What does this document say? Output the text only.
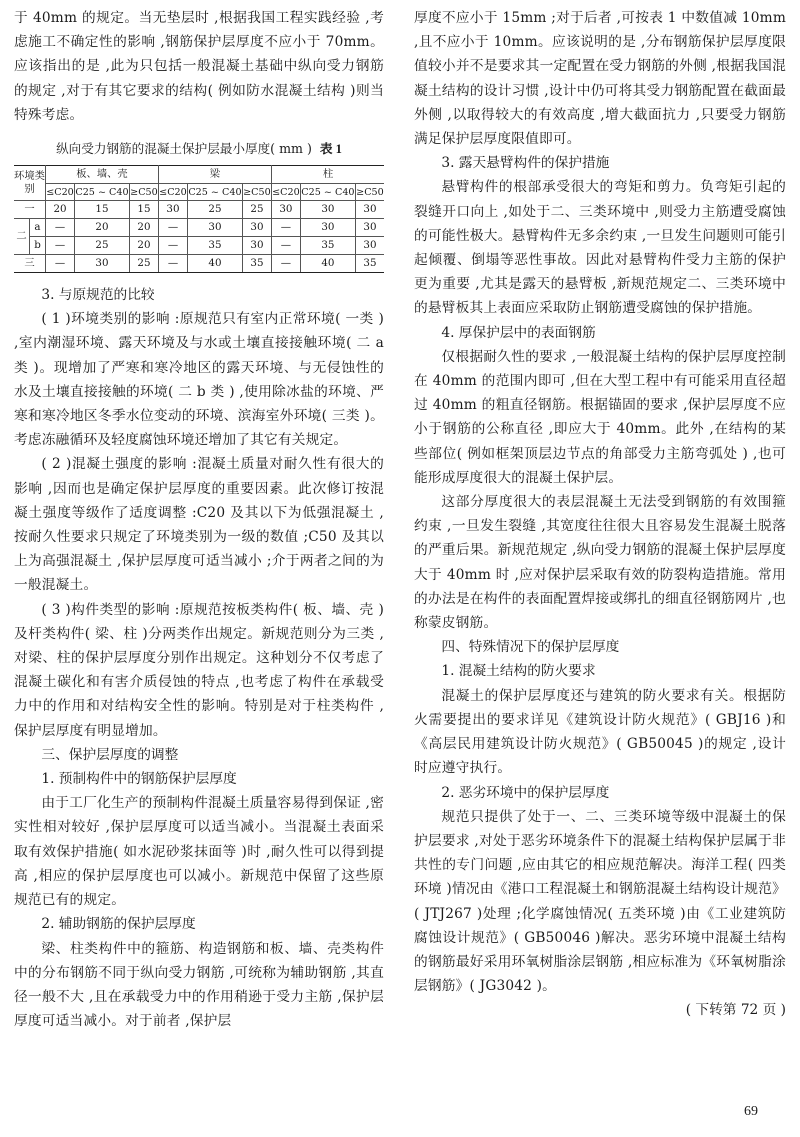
于 40mm 的规定。当无垫层时 ,根据我国工程实践经验 ,考虑施工不确定性的影响 ,钢筋保护层厚度不应小于 70mm。应该指出的是 ,此为只包括一般混凝土基础中纵向受力钢筋的规定 ,对于有其它要求的结构( 例如防水混凝土结构 )则当特殊考虑。

纵向受力钢筋的混凝土保护层最小厚度( mm ) 表 1
环境类别		板、墙、壳			梁			柱		
		≤C20	C25 ~ C40	≥C50	≤C20	C25 ~ C40	≥C50	≤C20	C25 ~ C40	≥C50
一		20	15	15	30	25	25	30	30	30
二	a	—	20	20	—	30	30	—	30	30
	b	—	25	20	—	35	30	—	35	30
三		—	30	25	—	40	35	—	40	35
3. 与原规范的比较

( 1 )环境类别的影响 :原规范只有室内正常环境( 一类 ) ,室内潮湿环境、露天环境及与水或土壤直接接触环境( 二 a 类 )。现增加了严寒和寒冷地区的露天环境、与无侵蚀性的水及土壤直接接触的环境( 二 b 类 ) ,使用除冰盐的环境、严寒和寒冷地区冬季水位变动的环境、滨海室外环境( 三类 )。考虑冻融循环及轻度腐蚀环境还增加了其它有关规定。

( 2 )混凝土强度的影响 :混凝土质量对耐久性有很大的影响 ,因而也是确定保护层厚度的重要因素。此次修订按混凝土强度等级作了适度调整 :C20 及其以下为低强混凝土 ,按耐久性要求只规定了环境类别为一级的数值 ;C50 及其以上为高强混凝土 ,保护层厚度可适当减小 ;介于两者之间的为一般混凝土。

( 3 )构件类型的影响 :原规范按板类构件( 板、墙、壳 )及杆类构件( 梁、柱 )分两类作出规定。新规范则分为三类 ,对梁、柱的保护层厚度分别作出规定。这种划分不仅考虑了混凝土碳化和有害介质侵蚀的特点 ,也考虑了构件在承载受力中的作用和对结构安全性的影响。特别是对于柱类构件 ,保护层厚度有明显增加。

三、保护层厚度的调整
1. 预制构件中的钢筋保护层厚度

由于工厂化生产的预制构件混凝土质量容易得到保证 ,密实性相对较好 ,保护层厚度可以适当减小。当混凝土表面采取有效保护措施( 如水泥砂浆抹面等 )时 ,耐久性可以得到提高 ,相应的保护层厚度也可以减小。新规范中保留了这些原规范已有的规定。

2. 辅助钢筋的保护层厚度

梁、柱类构件中的箍筋、构造钢筋和板、墙、壳类构件中的分布钢筋不同于纵向受力钢筋 ,可统称为辅助钢筋 ,其直径一般不大 ,且在承载受力中的作用稍逊于受力主筋 ,保护层厚度可适当减小。对于前者 ,保护层

厚度不应小于 15mm ;对于后者 ,可按表 1 中数值减 10mm ,且不应小于 10mm。应该说明的是 ,分布钢筋保护层厚度限值较小并不是要求其一定配置在受力钢筋的外侧 ,根据我国混凝土结构的设计习惯 ,设计中仍可将其受力钢筋配置在截面最外侧 ,以取得较大的有效高度 ,增大截面抗力 ,只要受力钢筋满足保护层厚度限值即可。

3. 露天悬臂构件的保护措施

悬臂构件的根部承受很大的弯矩和剪力。负弯矩引起的裂缝开口向上 ,如处于二、三类环境中 ,则受力主筋遭受腐蚀的可能性极大。悬臂构件无多余约束 ,一旦发生问题则可能引起倾覆、倒塌等恶性事故。因此对悬臂构件受力主筋的保护更为重要 ,尤其是露天的悬臂板 ,新规范规定二、三类环境中的悬臂板其上表面应采取防止钢筋遭受腐蚀的保护措施。

4. 厚保护层中的表面钢筋

仅根据耐久性的要求 ,一般混凝土结构的保护层厚度控制在 40mm 的范围内即可 ,但在大型工程中有可能采用直径超过 40mm 的粗直径钢筋。根据锚固的要求 ,保护层厚度不应小于钢筋的公称直径 ,即应大于 40mm。此外 ,在结构的某些部位( 例如框架顶层边节点的角部受力主筋弯弧处 ) ,也可能形成厚度很大的混凝土保护层。

这部分厚度很大的表层混凝土无法受到钢筋的有效围箍约束 ,一旦发生裂缝 ,其宽度往往很大且容易发生混凝土脱落的严重后果。新规范规定 ,纵向受力钢筋的混凝土保护层厚度大于 40mm 时 ,应对保护层采取有效的防裂构造措施。常用的办法是在构件的表面配置焊接或绑扎的细直径钢筋网片 ,也称蒙皮钢筋。

四、特殊情况下的保护层厚度
1. 混凝土结构的防火要求

混凝土的保护层厚度还与建筑的防火要求有关。根据防火需要提出的要求详见《建筑设计防火规范》( GBJ16 )和《高层民用建筑设计防火规范》( GB50045 )的规定 ,设计时应遵守执行。

2. 恶劣环境中的保护层厚度

规范只提供了处于一、二、三类环境等级中混凝土的保护层要求 ,对处于恶劣环境条件下的混凝土结构保护层属于非共性的专门问题 ,应由其它的相应规范解决。海洋工程( 四类环境 )情况由《港口工程混凝土和钢筋混凝土结构设计规范》( JTJ267 )处理 ;化学腐蚀情况( 五类环境 )由《工业建筑防腐蚀设计规范》( GB50046 )解决。恶劣环境中混凝土结构的钢筋最好采用环氧树脂涂层钢筋 ,相应标准为《环氧树脂涂层钢筋》( JG3042 )。

( 下转第 72 页 )
69
